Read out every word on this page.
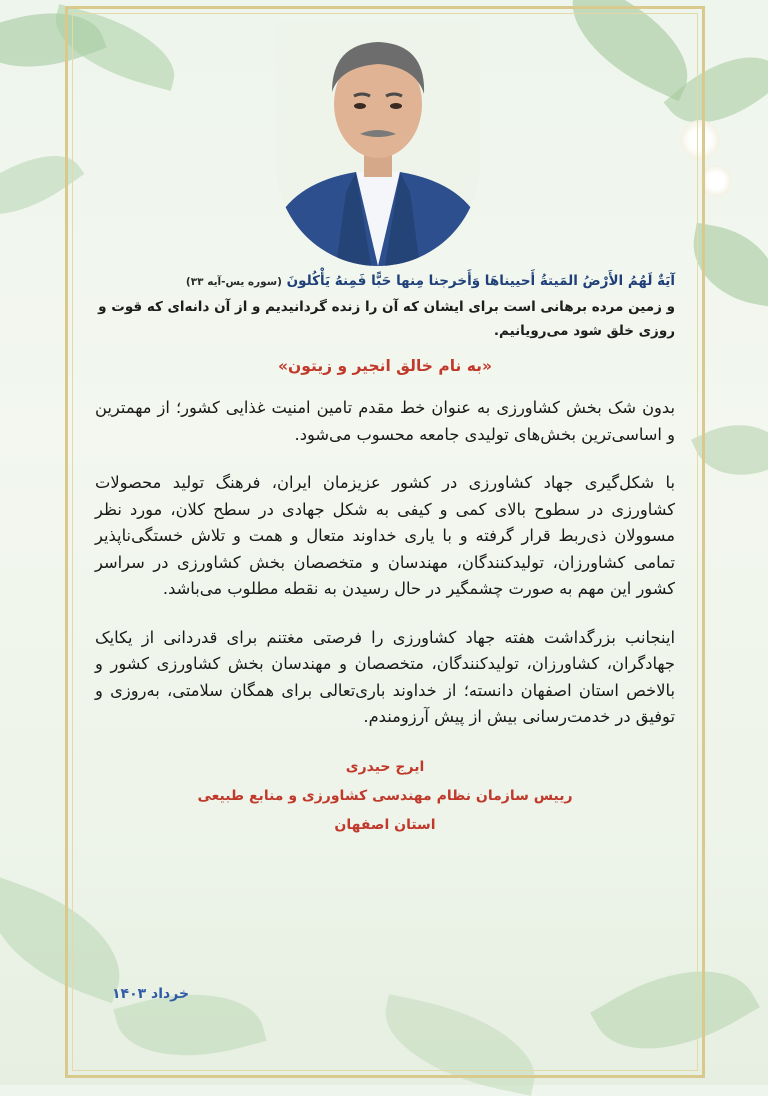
آيَةٌ لَهُمُ الأَرْضُ المَيتةُ أَحييناهَا وَأَخرجنا مِنها حَبًّا فَمِنهُ يَأْكُلونَ (سوره يس-آیه ۳۳)

و زمین مرده برهانی است برای ایشان که آن را زنده گردانیدیم و از آن دانه‌ای که قوت و روزی خلق شود می‌رویانیم.

«به نام خالق انجیر و زیتون»

بدون شک بخش کشاورزی به عنوان خط مقدم تامین امنیت غذایی کشور؛ از مهمترین و اساسی‌ترین بخش‌های تولیدی جامعه محسوب می‌شود.

با شکل‌گیری جهاد کشاورزی در کشور عزیزمان ایران، فرهنگ تولید محصولات کشاورزی در سطوح بالای کمی و کیفی به شکل جهادی در سطح کلان، مورد نظر مسوولان ذی‌ربط قرار گرفته و با یاری خداوند متعال و همت و تلاش خستگی‌ناپذیر تمامی کشاورزان، تولیدکنندگان، مهندسان و متخصصان بخش کشاورزی در سراسر کشور این مهم به صورت چشمگیر در حال رسیدن به نقطه مطلوب می‌باشد.

اینجانب بزرگداشت هفته جهاد کشاورزی را فرصتی مغتنم برای قدردانی از یکایک جهادگران، کشاورزان، تولیدکنندگان، متخصصان و مهندسان بخش کشاورزی کشور و بالاخص استان اصفهان دانسته؛ از خداوند باری‌تعالی برای همگان سلامتی، به‌روزی و توفیق در خدمت‌رسانی بیش از پیش آرزومندم.

ایرج حیدری
رییس سازمان نظام مهندسی کشاورزی و منابع طبیعی
استان اصفهان
خرداد ۱۴۰۳
